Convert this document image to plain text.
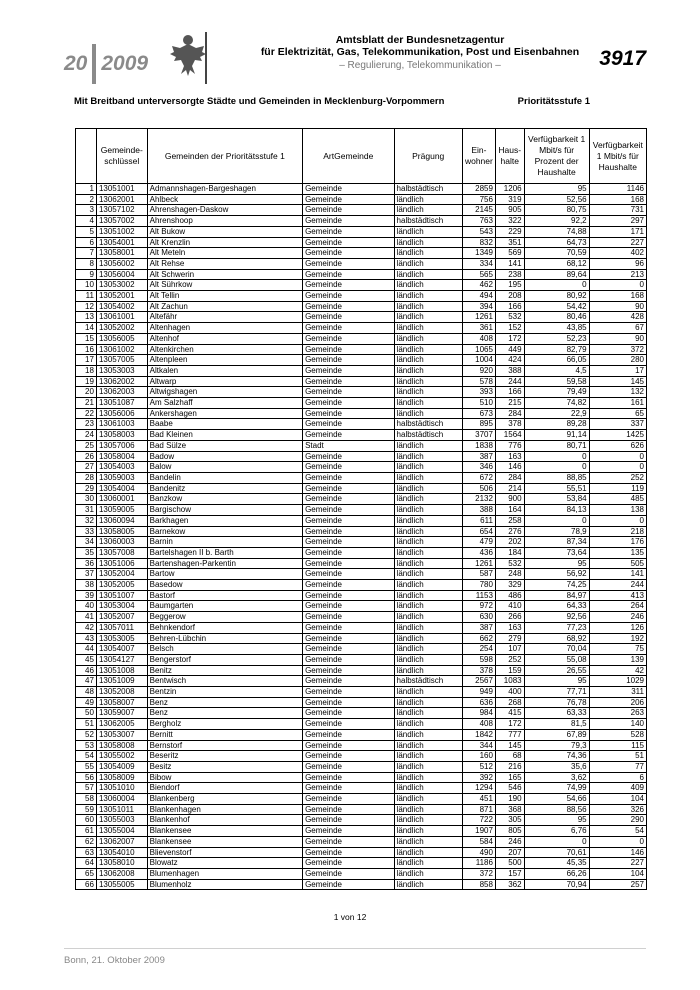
20 2009
Amtsblatt der Bundesnetzagentur
für Elektrizität, Gas, Telekommunikation, Post und Eisenbahnen
– Regulierung, Telekommunikation –	3917
Mit Breitband unterversorgte Städte und Gemeinden in Mecklenburg-Vorpommern	Prioritätsstufe 1
	Gemeinde-schlüssel	Gemeinden der Prioritätsstufe 1	ArtGemeinde	Prägung	Ein-wohner	Haus-halte	Verfügbarkeit 1 Mbit/s für Prozent der Haushalte	Verfügbarkeit 1 Mbit/s für Haushalte
1	13051001	Admannshagen-Bargeshagen	Gemeinde	halbstädtisch	2859	1206	95	1146
2	13062001	Ahlbeck	Gemeinde	ländlich	756	319	52,56	168
3	13057102	Ahrenshagen-Daskow	Gemeinde	ländlich	2145	905	80,75	731
4	13057002	Ahrenshoop	Gemeinde	halbstädtisch	763	322	92,2	297
5	13051002	Alt Bukow	Gemeinde	ländlich	543	229	74,88	171
6	13054001	Alt Krenzlin	Gemeinde	ländlich	832	351	64,73	227
7	13058001	Alt Meteln	Gemeinde	ländlich	1349	569	70,59	402
8	13056002	Alt Rehse	Gemeinde	ländlich	334	141	68,12	96
9	13056004	Alt Schwerin	Gemeinde	ländlich	565	238	89,64	213
10	13053002	Alt Sührkow	Gemeinde	ländlich	462	195	0	0
11	13052001	Alt Tellin	Gemeinde	ländlich	494	208	80,92	168
12	13054002	Alt Zachun	Gemeinde	ländlich	394	166	54,42	90
13	13061001	Altefähr	Gemeinde	ländlich	1261	532	80,46	428
14	13052002	Altenhagen	Gemeinde	ländlich	361	152	43,85	67
15	13056005	Altenhof	Gemeinde	ländlich	408	172	52,23	90
16	13061002	Altenkirchen	Gemeinde	ländlich	1065	449	82,79	372
17	13057005	Altenpleen	Gemeinde	ländlich	1004	424	66,05	280
18	13053003	Altkalen	Gemeinde	ländlich	920	388	4,5	17
19	13062002	Altwarp	Gemeinde	ländlich	578	244	59,58	145
20	13062003	Altwigshagen	Gemeinde	ländlich	393	166	79,49	132
21	13051087	Am Salzhaff	Gemeinde	ländlich	510	215	74,82	161
22	13056006	Ankershagen	Gemeinde	ländlich	673	284	22,9	65
23	13061003	Baabe	Gemeinde	halbstädtisch	895	378	89,28	337
24	13058003	Bad Kleinen	Gemeinde	halbstädtisch	3707	1564	91,14	1425
25	13057006	Bad Sülze	Stadt	ländlich	1838	776	80,71	626
26	13058004	Badow	Gemeinde	ländlich	387	163	0	0
27	13054003	Balow	Gemeinde	ländlich	346	146	0	0
28	13059003	Bandelin	Gemeinde	ländlich	672	284	88,85	252
29	13054004	Bandenitz	Gemeinde	ländlich	506	214	55,51	119
30	13060001	Banzkow	Gemeinde	ländlich	2132	900	53,84	485
31	13059005	Bargischow	Gemeinde	ländlich	388	164	84,13	138
32	13060094	Barkhagen	Gemeinde	ländlich	611	258	0	0
33	13058005	Barnekow	Gemeinde	ländlich	654	276	78,9	218
34	13060003	Barnin	Gemeinde	ländlich	479	202	87,34	176
35	13057008	Bartelshagen II b. Barth	Gemeinde	ländlich	436	184	73,64	135
36	13051006	Bartenshagen-Parkentin	Gemeinde	ländlich	1261	532	95	505
37	13052004	Bartow	Gemeinde	ländlich	587	248	56,92	141
38	13052005	Basedow	Gemeinde	ländlich	780	329	74,25	244
39	13051007	Bastorf	Gemeinde	ländlich	1153	486	84,97	413
40	13053004	Baumgarten	Gemeinde	ländlich	972	410	64,33	264
41	13052007	Beggerow	Gemeinde	ländlich	630	266	92,56	246
42	13057011	Behnkendorf	Gemeinde	ländlich	387	163	77,23	126
43	13053005	Behren-Lübchin	Gemeinde	ländlich	662	279	68,92	192
44	13054007	Belsch	Gemeinde	ländlich	254	107	70,04	75
45	13054127	Bengerstorf	Gemeinde	ländlich	598	252	55,08	139
46	13051008	Benitz	Gemeinde	ländlich	378	159	26,55	42
47	13051009	Bentwisch	Gemeinde	halbstädtisch	2567	1083	95	1029
48	13052008	Bentzin	Gemeinde	ländlich	949	400	77,71	311
49	13058007	Benz	Gemeinde	ländlich	636	268	76,78	206
50	13059007	Benz	Gemeinde	ländlich	984	415	63,33	263
51	13062005	Bergholz	Gemeinde	ländlich	408	172	81,5	140
52	13053007	Bernitt	Gemeinde	ländlich	1842	777	67,89	528
53	13058008	Bernstorf	Gemeinde	ländlich	344	145	79,3	115
54	13055002	Beseritz	Gemeinde	ländlich	160	68	74,36	51
55	13054009	Besitz	Gemeinde	ländlich	512	216	35,6	77
56	13058009	Bibow	Gemeinde	ländlich	392	165	3,62	6
57	13051010	Biendorf	Gemeinde	ländlich	1294	546	74,99	409
58	13060004	Blankenberg	Gemeinde	ländlich	451	190	54,66	104
59	13051011	Blankenhagen	Gemeinde	ländlich	871	368	88,56	326
60	13055003	Blankenhof	Gemeinde	ländlich	722	305	95	290
61	13055004	Blankensee	Gemeinde	ländlich	1907	805	6,76	54
62	13062007	Blankensee	Gemeinde	ländlich	584	246	0	0
63	13054010	Blievenstorf	Gemeinde	ländlich	490	207	70,61	146
64	13058010	Blowatz	Gemeinde	ländlich	1186	500	45,35	227
65	13062008	Blumenhagen	Gemeinde	ländlich	372	157	66,26	104
66	13055005	Blumenholz	Gemeinde	ländlich	858	362	70,94	257
1 von 12
Bonn, 21. Oktober 2009
